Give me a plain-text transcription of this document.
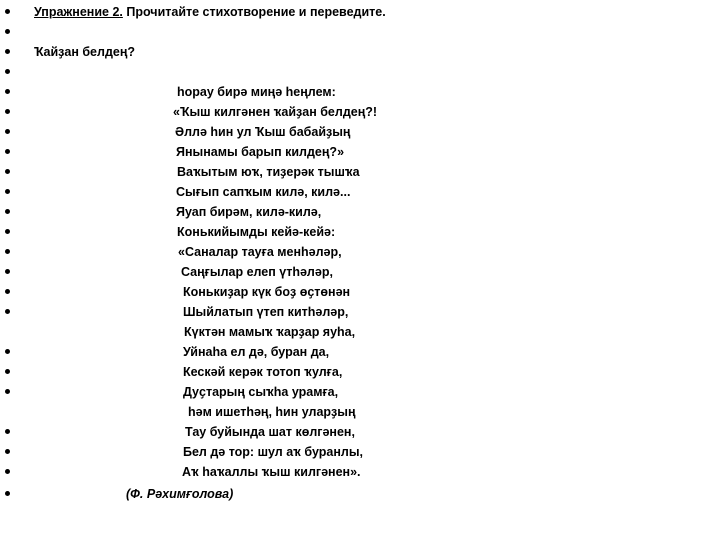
Упражнение 2. Прочитайте стихотворение и переведите.
Ҡайҙан белдең?
һорау бирә миңә һеңлем:
«Ҡыш килгәнен ҡайҙан белдең?!
Әллә һин ул Ҡыш бабайҙың
Янынамы барып килдең?»
Ваҡытым юҡ, тиҙерәк тышҡа
Сығып сапҡым килә, килә...
Яуап бирәм, килә-килә,
Конькийымды кейә-кейә:
«Саналар тауға менһәләр,
Саңғылар елеп үтһәләр,
Конькиҙар күк боҙ өҫтөнән
Шыйлатып үтеп китһәләр,
Күктән мамыҡ ҡарҙар яуһа,
Уйнаһа ел дә, буран да,
Кескәй керәк тотоп ҡулға,
Дуҫтарың сыҡһа урамға,
һәм ишетһәң, һин уларҙың
Тау буйында шат көлгәнен,
Бел дә тор: шул аҡ буранлы,
Аҡ һаҡаллы ҡыш килгәнен».
(Ф. Рәхимғолова)
